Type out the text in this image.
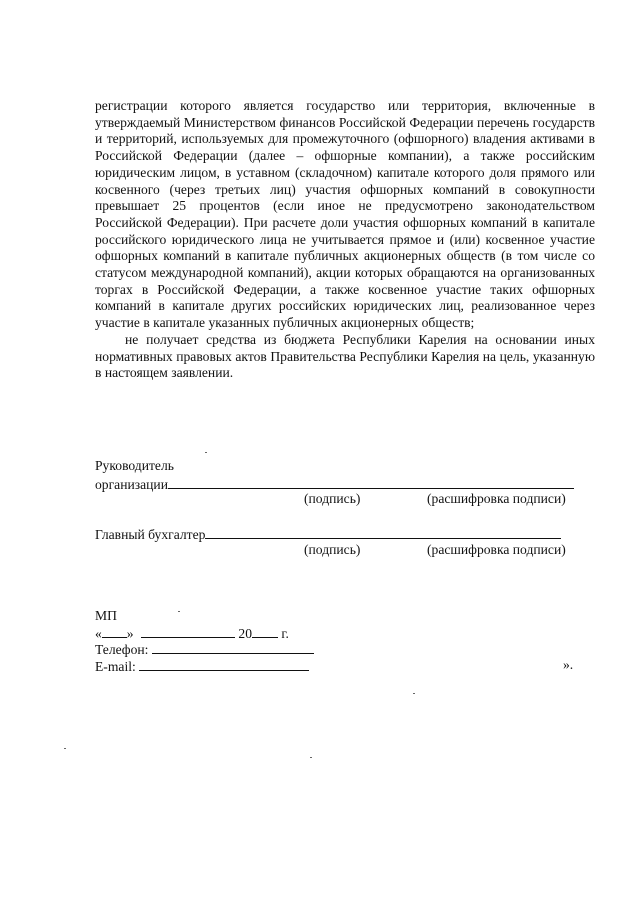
регистрации которого является государство или территория, включенные в утверждаемый Министерством финансов Российской Федерации перечень государств и территорий, используемых для промежуточного (офшорного) владения активами в Российской Федерации (далее – офшорные компании), а также российским юридическим лицом, в уставном (складочном) капитале которого доля прямого или косвенного (через третьих лиц) участия офшорных компаний в совокупности превышает 25 процентов (если иное не предусмотрено законодательством Российской Федерации). При расчете доли участия офшорных компаний в капитале российского юридического лица не учитывается прямое и (или) косвенное участие офшорных компаний в капитале публичных акционерных обществ (в том числе со статусом международной компаний), акции которых обращаются на организованных торгах в Российской Федерации, а также косвенное участие таких офшорных компаний в капитале других российских юридических лиц, реализованное через участие в капитале указанных публичных акционерных обществ;

не получает средства из бюджета Республики Карелия на основании иных нормативных правовых актов Правительства Республики Карелия на цель, указанную в настоящем заявлении.

Руководитель
организации
(подпись)	(расшифровка подписи)
Главный бухгалтер
(подпись)	(расшифровка подписи)
МП
« »	20 г.
Телефон:
E-mail:	».
